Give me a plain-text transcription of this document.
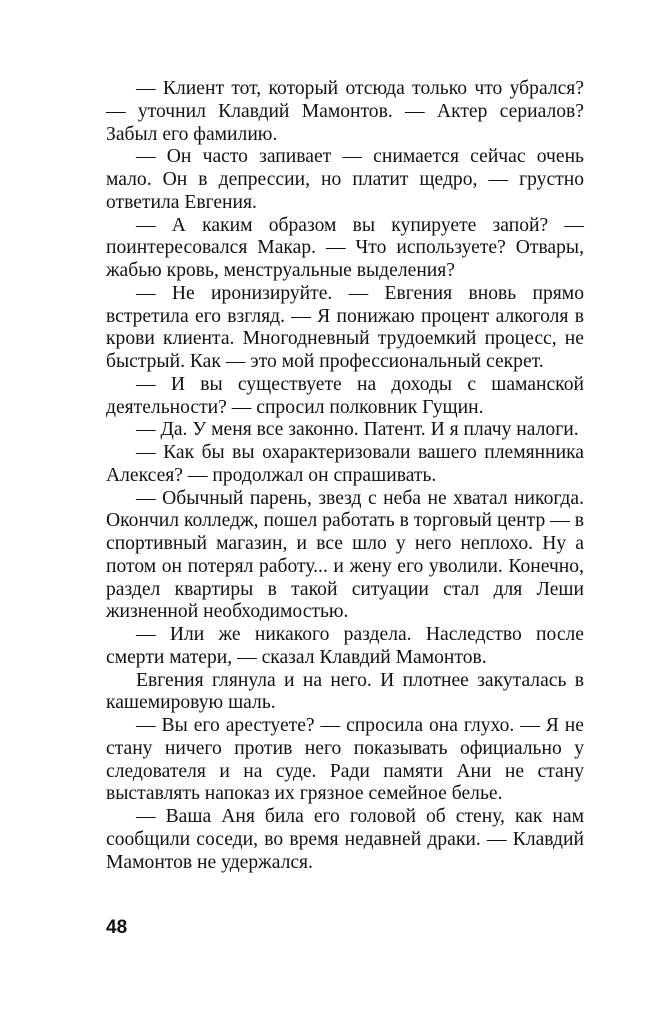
— Клиент тот, который отсюда только что убрался? — уточнил Клавдий Мамонтов. — Актер сериалов? Забыл его фамилию.

— Он часто запивает — снимается сейчас очень мало. Он в депрессии, но платит щедро, — грустно ответила Евгения.

— А каким образом вы купируете запой? — поинтересовался Макар. — Что используете? Отвары, жабью кровь, менструальные выделения?

— Не иронизируйте. — Евгения вновь прямо встретила его взгляд. — Я понижаю процент алкоголя в крови клиента. Многодневный трудоемкий процесс, не быстрый. Как — это мой профессиональный секрет.

— И вы существуете на доходы с шаманской деятельности? — спросил полковник Гущин.

— Да. У меня все законно. Патент. И я плачу налоги.

— Как бы вы охарактеризовали вашего племянника Алексея? — продолжал он спрашивать.

— Обычный парень, звезд с неба не хватал никогда. Окончил колледж, пошел работать в торговый центр — в спортивный магазин, и все шло у него неплохо. Ну а потом он потерял работу... и жену его уволили. Конечно, раздел квартиры в такой ситуации стал для Леши жизненной необходимостью.

— Или же никакого раздела. Наследство после смерти матери, — сказал Клавдий Мамонтов.

Евгения глянула и на него. И плотнее закуталась в кашемировую шаль.

— Вы его арестуете? — спросила она глухо. — Я не стану ничего против него показывать официально у следователя и на суде. Ради памяти Ани не стану выставлять напоказ их грязное семейное белье.

— Ваша Аня била его головой об стену, как нам сообщили соседи, во время недавней драки. — Клавдий Мамонтов не удержался.

48
